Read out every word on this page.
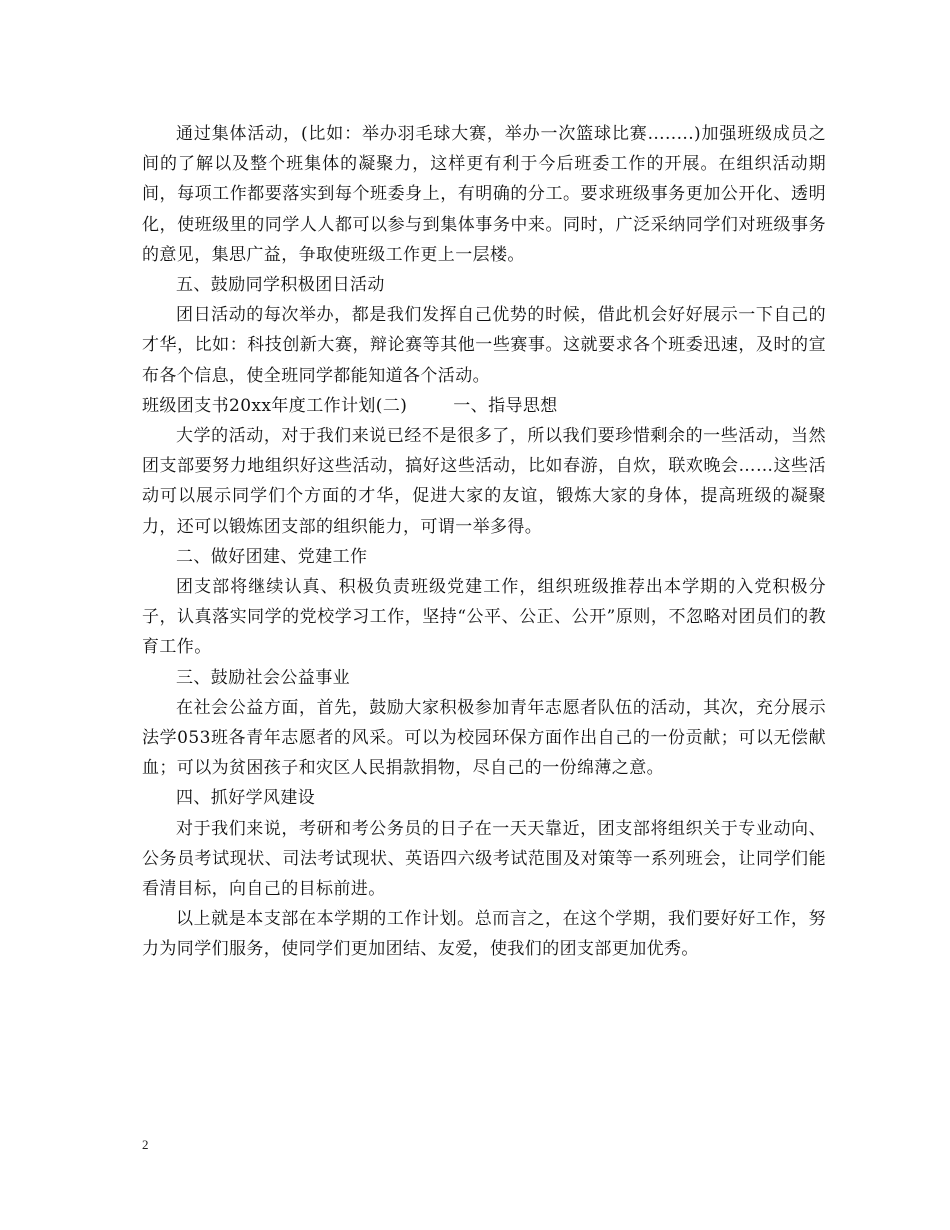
通过集体活动，(比如：举办羽毛球大赛，举办一次篮球比赛........)加强班级成员之间的了解以及整个班集体的凝聚力，这样更有利于今后班委工作的开展。在组织活动期间，每项工作都要落实到每个班委身上，有明确的分工。要求班级事务更加公开化、透明化，使班级里的同学人人都可以参与到集体事务中来。同时，广泛采纳同学们对班级事务的意见，集思广益，争取使班级工作更上一层楼。

五、鼓励同学积极团日活动

团日活动的每次举办，都是我们发挥自己优势的时候，借此机会好好展示一下自己的才华，比如：科技创新大赛，辩论赛等其他一些赛事。这就要求各个班委迅速，及时的宣布各个信息，使全班同学都能知道各个活动。

班级团支书20xx年度工作计划(二)	一、指导思想

大学的活动，对于我们来说已经不是很多了，所以我们要珍惜剩余的一些活动，当然团支部要努力地组织好这些活动，搞好这些活动，比如春游，自炊，联欢晚会……这些活动可以展示同学们个方面的才华，促进大家的友谊，锻炼大家的身体，提高班级的凝聚力，还可以锻炼团支部的组织能力，可谓一举多得。

二、做好团建、党建工作

团支部将继续认真、积极负责班级党建工作，组织班级推荐出本学期的入党积极分子，认真落实同学的党校学习工作，坚持“公平、公正、公开”原则，不忽略对团员们的教育工作。

三、鼓励社会公益事业

在社会公益方面，首先，鼓励大家积极参加青年志愿者队伍的活动，其次，充分展示法学053班各青年志愿者的风采。可以为校园环保方面作出自己的一份贡献；可以无偿献血；可以为贫困孩子和灾区人民捐款捐物，尽自己的一份绵薄之意。

四、抓好学风建设

对于我们来说，考研和考公务员的日子在一天天靠近，团支部将组织关于专业动向、公务员考试现状、司法考试现状、英语四六级考试范围及对策等一系列班会，让同学们能看清目标，向自己的目标前进。

以上就是本支部在本学期的工作计划。总而言之，在这个学期，我们要好好工作，努力为同学们服务，使同学们更加团结、友爱，使我们的团支部更加优秀。

2
